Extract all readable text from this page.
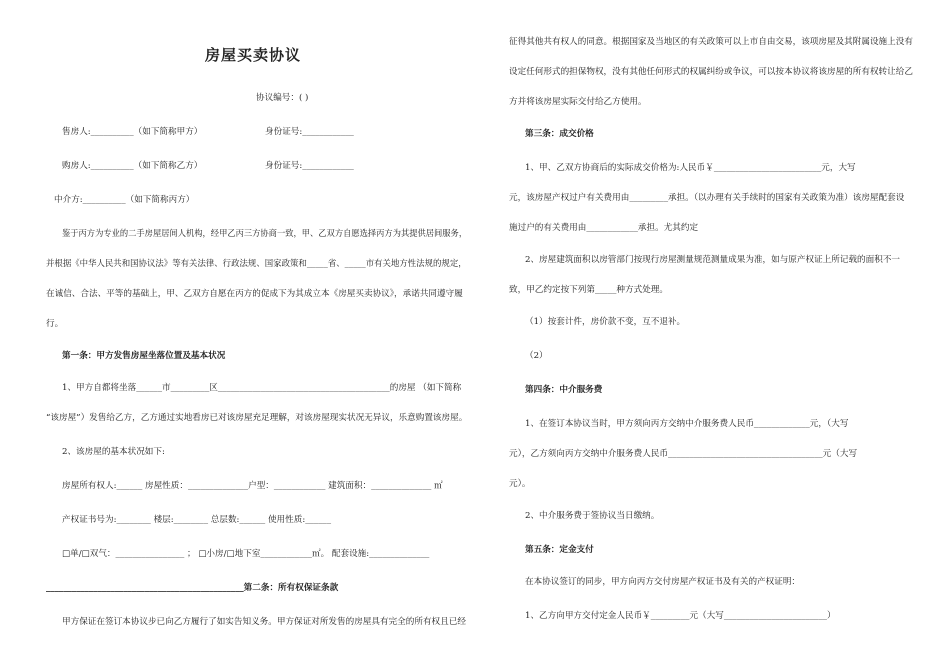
房屋买卖协议
协议编号：( )
售房人:__________（如下简称甲方）	身份证号:____________
购房人:__________（如下简称乙方）	身份证号:____________
中介方:__________（如下简称丙方）
鉴于丙方为专业的二手房屋居间人机构，经甲乙丙三方协商一致，甲、乙双方自愿选择丙方为其提供居间服务，
并根据《中华人民共和国协议法》等有关法律、行政法规、国家政策和_____省、_____市有关地方性法规的规定，
在诚信、合法、平等的基础上，甲、乙双方自愿在丙方的促成下为其成立本《房屋买卖协议》，承诺共同遵守履
行。
第一条：甲方发售房屋坐落位置及基本状况
1、甲方自都将坐落______市_________区________________________________________的房屋 （如下简称
“该房屋”）发售给乙方，乙方通过实地看房已对该房屋充足理解，对该房屋现实状况无异议，乐意购置该房屋。
2、该房屋的基本状况如下:
房屋所有权人:______ 房屋性质：______________户型：____________ 建筑面积：______________ ㎡
产权证书号为:________ 楼层:________ 总层数:______ 使用性质:______
□单/□双气：________________ ； □小房/□地下室____________㎡。 配套设施:______________
______________________________________________第二条：所有权保证条款
甲方保证在签订本协议步已向乙方履行了如实告知义务。甲方保证对所发售的房屋具有完全的所有权且已经
征得其他共有权人的同意。根据国家及当地区的有关政策可以上市自由交易，该项房屋及其附属设施上没有
设定任何形式的担保物权，没有其他任何形式的权属纠纷或争议，可以按本协议将该房屋的所有权转让给乙
方并将该房屋实际交付给乙方使用。
第三条：成交价格
1、甲、乙双方协商后的实际成交价格为:人民币￥_________________________元，大写
元，该房屋产权过户有关费用由_________承担。（以办理有关手续时的国家有关政策为准）该房屋配套设
施过户的有关费用由____________承担。尤其约定
2、房屋建筑面积以房管部门按现行房屋测量规范测量成果为准，如与原产权证上所记载的面积不一
致，甲乙约定按下列第_____种方式处理。
（1）按套计件，房价款不变，互不退补。
（2）
第四条：中介服务费
1、在签订本协议当时，甲方须向丙方交纳中介服务费人民币_____________元，（大写
元），乙方须向丙方交纳中介服务费人民币____________________________________元（大写
元）。
2、中介服务费于签协议当日缴纳。
第五条：定金支付
在本协议签订的同步，甲方向丙方交付房屋产权证书及有关的产权证明：
1、乙方向甲方交付定金人民币￥_________元（大写________________________）
